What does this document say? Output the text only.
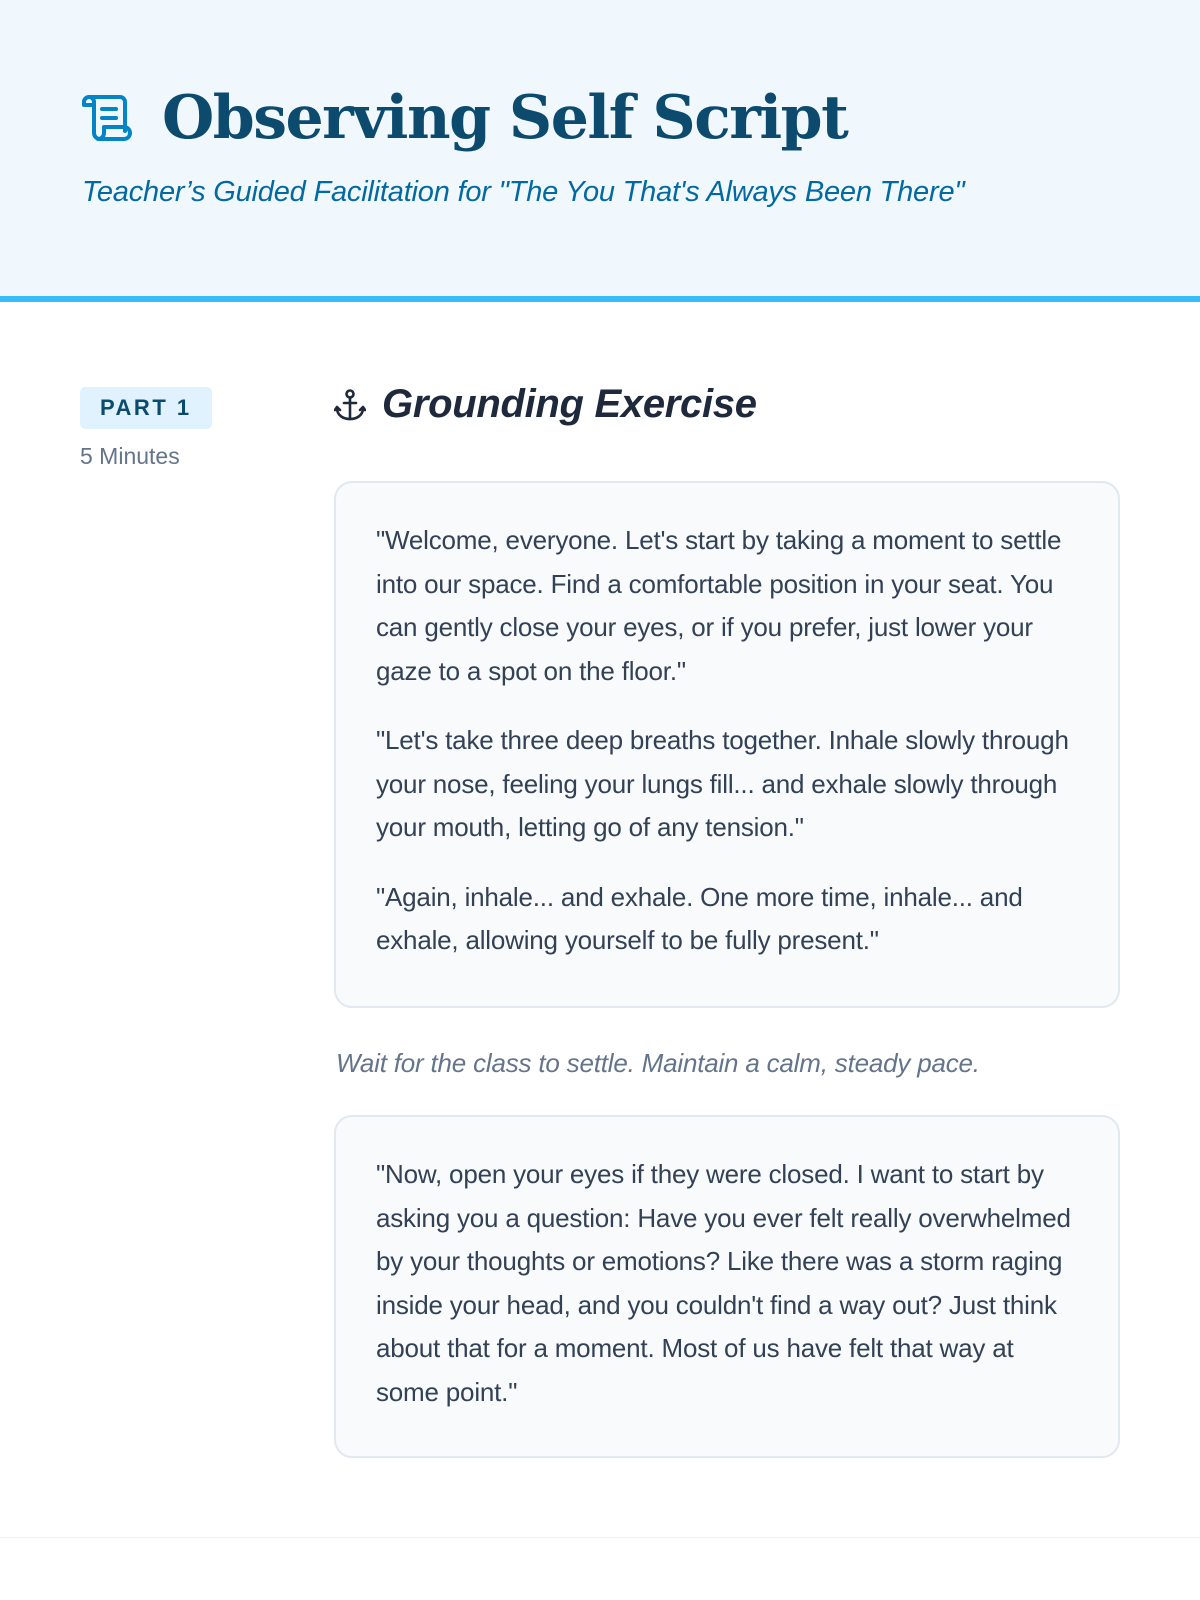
Observing Self Script
Teacher’s Guided Facilitation for "The You That's Always Been There"
PART 1
5 Minutes
Grounding Exercise

"Welcome, everyone. Let's start by taking a moment to settle into our space. Find a comfortable position in your seat. You can gently close your eyes, or if you prefer, just lower your gaze to a spot on the floor."

"Let's take three deep breaths together. Inhale slowly through your nose, feeling your lungs fill... and exhale slowly through your mouth, letting go of any tension."

"Again, inhale... and exhale. One more time, inhale... and exhale, allowing yourself to be fully present."

Wait for the class to settle. Maintain a calm, steady pace.

"Now, open your eyes if they were closed. I want to start by asking you a question: Have you ever felt really overwhelmed by your thoughts or emotions? Like there was a storm raging inside your head, and you couldn't find a way out? Just think about that for a moment. Most of us have felt that way at some point."
